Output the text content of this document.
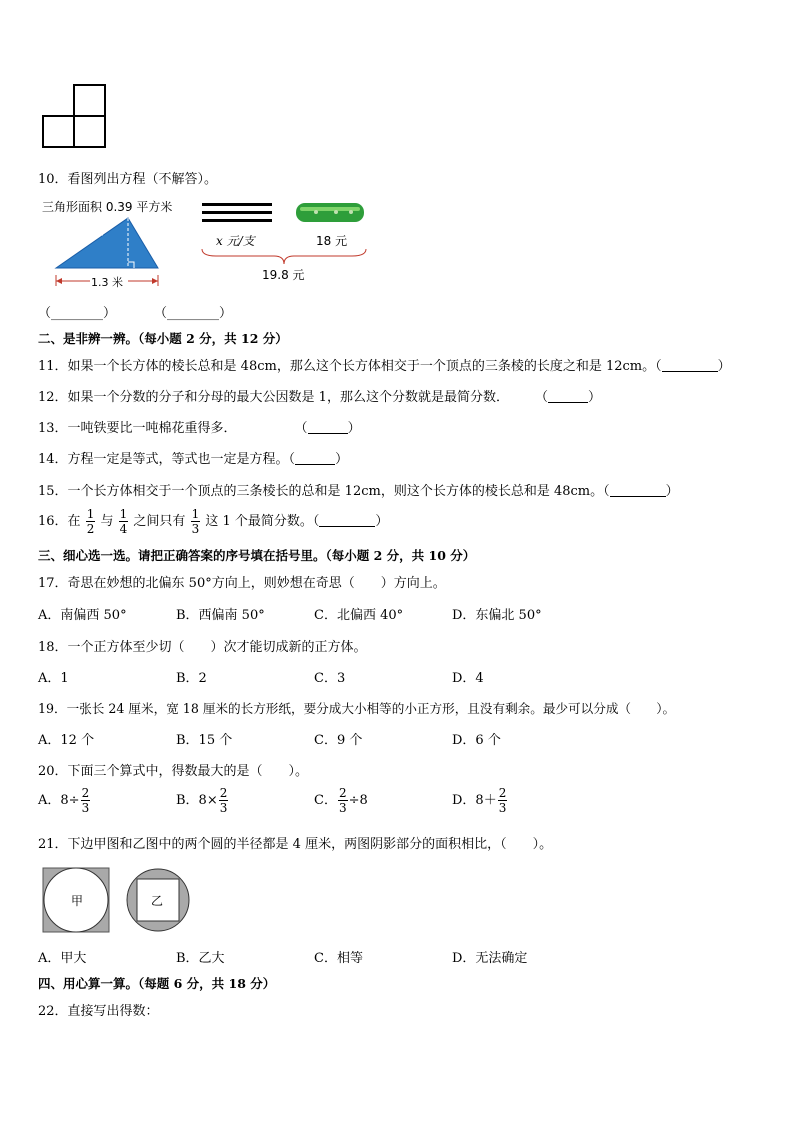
10．看图列出方程（不解答）。
三角形面积 0.39 平方米
x米
1.3 米
x 元/支	18 元
19.8 元
（________）	（________）
二、是非辨一辨。（每小题 2 分，共 12 分）
11．如果一个长方体的棱长总和是 48cm，那么这个长方体相交于一个顶点的三条棱的长度之和是 12cm。（	）
12．如果一个分数的分子和分母的最大公因数是 1，那么这个分数就是最简分数． （	）
13．一吨铁要比一吨棉花重得多．	（	）
14．方程一定是等式，等式也一定是方程。（	）
15．一个长方体相交于一个顶点的三条棱长的总和是 12cm，则这个长方体的棱长总和是 48cm。（	）
16．在 $\frac{1}{2}$ 与 $\frac{1}{4}$ 之间只有 $\frac{1}{3}$ 这 1 个最简分数。（	）
三、细心选一选。请把正确答案的序号填在括号里。（每小题 2 分，共 10 分）
17．奇思在妙想的北偏东 50°方向上，则妙想在奇思（　　）方向上。
A．南偏西 50°	B．西偏南 50°	C．北偏西 40°	D．东偏北 50°
18．一个正方体至少切（　　）次才能切成新的正方体。
A．1	B．2	C．3	D．4
19．一张长 24 厘米，宽 18 厘米的长方形纸，要分成大小相等的小正方形，且没有剩余。最少可以分成（　　）。
A．12 个	B．15 个	C．9 个	D．6 个
20．下面三个算式中，得数最大的是（　　）。
A．$8\div \frac{2}{3}$	B．$8\times \frac{2}{3}$	C． $\frac{2}{3} \div 8$	D．$8+ \frac{2}{3}$
21．下边甲图和乙图中的两个圆的半径都是 4 厘米，两图阴影部分的面积相比，（　　）。
甲	乙
A．甲大	B．乙大	C．相等	D．无法确定
四、用心算一算。（每题 6 分，共 18 分）
22．直接写出得数：
